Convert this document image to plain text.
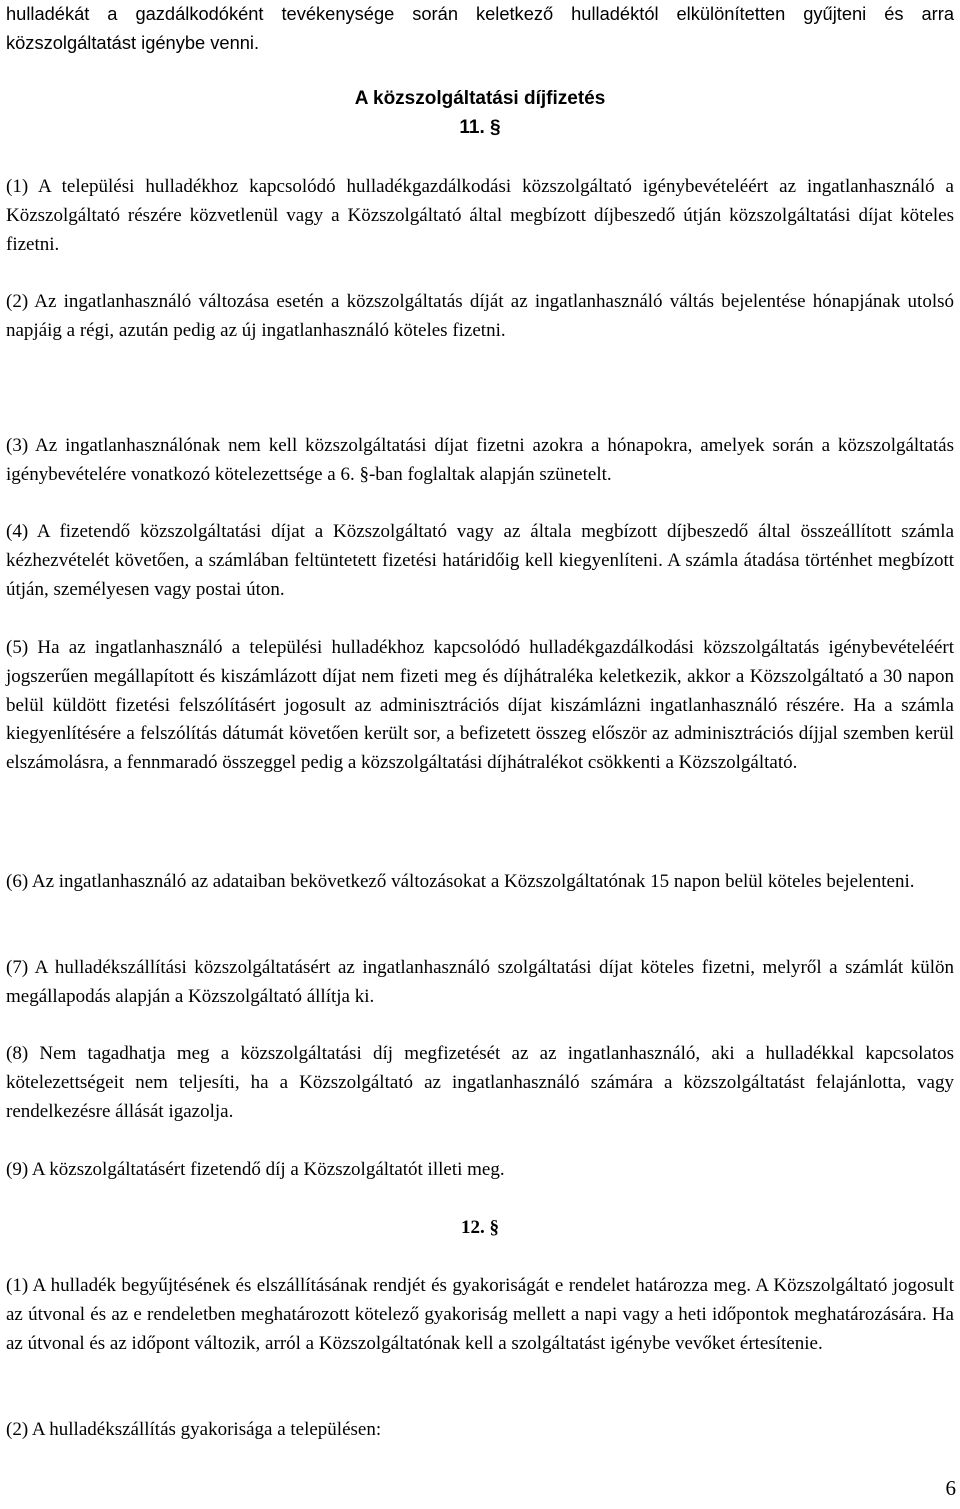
hulladékát a gazdálkodóként tevékenysége során keletkező hulladéktól elkülönítetten gyűjteni és arra közszolgáltatást igénybe venni.
A közszolgáltatási díjfizetés
11. §
(1) A települési hulladékhoz kapcsolódó hulladékgazdálkodási közszolgáltató igénybevételéért az ingatlanhasználó a Közszolgáltató részére közvetlenül vagy a Közszolgáltató által megbízott díjbeszedő útján közszolgáltatási díjat köteles fizetni.
(2) Az ingatlanhasználó változása esetén a közszolgáltatás díját az ingatlanhasználó váltás bejelentése hónapjának utolsó napjáig a régi, azután pedig az új ingatlanhasználó köteles fizetni.
(3) Az ingatlanhasználónak nem kell közszolgáltatási díjat fizetni azokra a hónapokra, amelyek során a közszolgáltatás igénybevételére vonatkozó kötelezettsége a 6. §-ban foglaltak alapján szünetelt.
(4) A fizetendő közszolgáltatási díjat a Közszolgáltató vagy az általa megbízott díjbeszedő által összeállított számla kézhezvételét követően, a számlában feltüntetett fizetési határidőig kell kiegyenlíteni. A számla átadása történhet megbízott útján, személyesen vagy postai úton.
(5) Ha az ingatlanhasználó a települési hulladékhoz kapcsolódó hulladékgazdálkodási közszolgáltatás igénybevételéért jogszerűen megállapított és kiszámlázott díjat nem fizeti meg és díjhátraléka keletkezik, akkor a Közszolgáltató a 30 napon belül küldött fizetési felszólításért jogosult az adminisztrációs díjat kiszámlázni ingatlanhasználó részére. Ha a számla kiegyenlítésére a felszólítás dátumát követően került sor, a befizetett összeg először az adminisztrációs díjjal szemben kerül elszámolásra, a fennmaradó összeggel pedig a közszolgáltatási díjhátralékot csökkenti a Közszolgáltató.
(6) Az ingatlanhasználó az adataiban bekövetkező változásokat a Közszolgáltatónak 15 napon belül köteles bejelenteni.
(7) A hulladékszállítási közszolgáltatásért az ingatlanhasználó szolgáltatási díjat köteles fizetni, melyről a számlát külön megállapodás alapján a Közszolgáltató állítja ki.
(8) Nem tagadhatja meg a közszolgáltatási díj megfizetését az az ingatlanhasználó, aki a hulladékkal kapcsolatos kötelezettségeit nem teljesíti, ha a Közszolgáltató az ingatlanhasználó számára a közszolgáltatást felajánlotta, vagy rendelkezésre állását igazolja.
(9) A közszolgáltatásért fizetendő díj a Közszolgáltatót illeti meg.
12. §
(1) A hulladék begyűjtésének és elszállításának rendjét és gyakoriságát e rendelet határozza meg. A Közszolgáltató jogosult az útvonal és az e rendeletben meghatározott kötelező gyakoriság mellett a napi vagy a heti időpontok meghatározására. Ha az útvonal és az időpont változik, arról a Közszolgáltatónak kell a szolgáltatást igénybe vevőket értesítenie.
(2) A hulladékszállítás gyakorisága a településen:
6
